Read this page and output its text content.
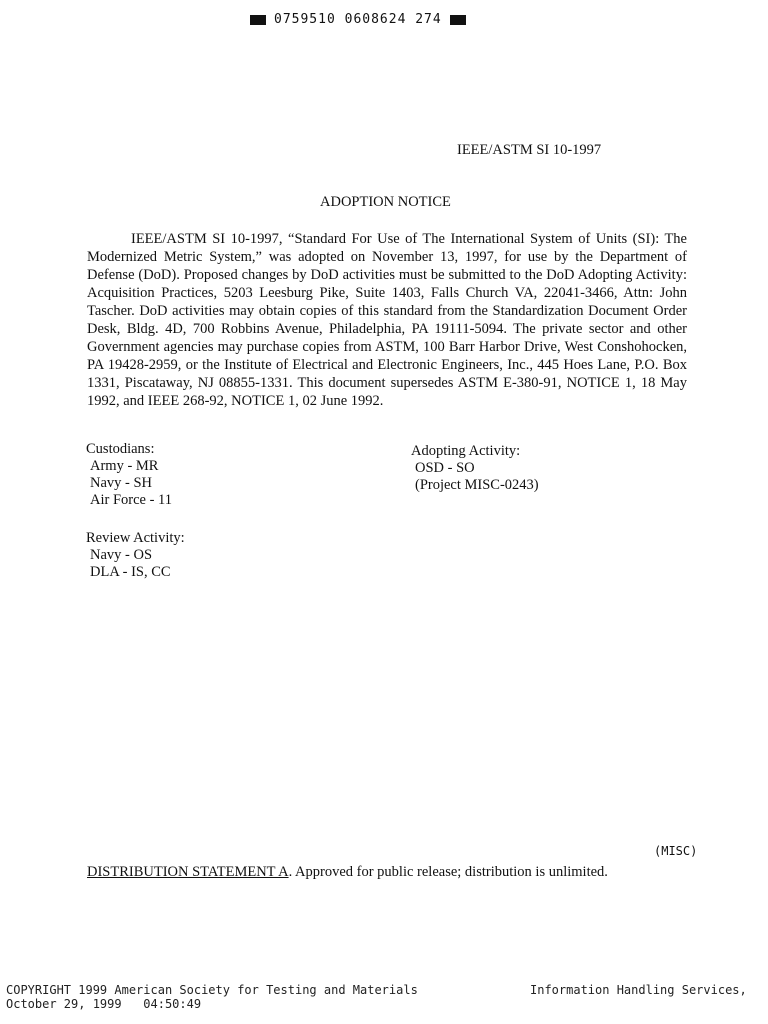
0759510 0608624 274
IEEE/ASTM SI 10-1997
ADOPTION NOTICE
IEEE/ASTM SI 10-1997, “Standard For Use of The International System of Units (SI): The Modernized Metric System,” was adopted on November 13, 1997, for use by the Department of Defense (DoD). Proposed changes by DoD activities must be submitted to the DoD Adopting Activity: Acquisition Practices, 5203 Leesburg Pike, Suite 1403, Falls Church VA, 22041-3466, Attn: John Tascher. DoD activities may obtain copies of this standard from the Standardization Document Order Desk, Bldg. 4D, 700 Robbins Avenue, Philadelphia, PA 19111-5094. The private sector and other Government agencies may purchase copies from ASTM, 100 Barr Harbor Drive, West Conshohocken, PA 19428-2959, or the Institute of Electrical and Electronic Engineers, Inc., 445 Hoes Lane, P.O. Box 1331, Piscataway, NJ 08855-1331. This document supersedes ASTM E-380-91, NOTICE 1, 18 May 1992, and IEEE 268-92, NOTICE 1, 02 June 1992.
Custodians:
Army - MR
Navy - SH
Air Force - 11
Adopting Activity:
OSD - SO
(Project MISC-0243)
Review Activity:
Navy - OS
DLA - IS, CC
(MISC)
DISTRIBUTION STATEMENT A. Approved for public release; distribution is unlimited.
COPYRIGHT 1999 American Society for Testing and Materials
October 29, 1999   04:50:49
Information Handling Services,
